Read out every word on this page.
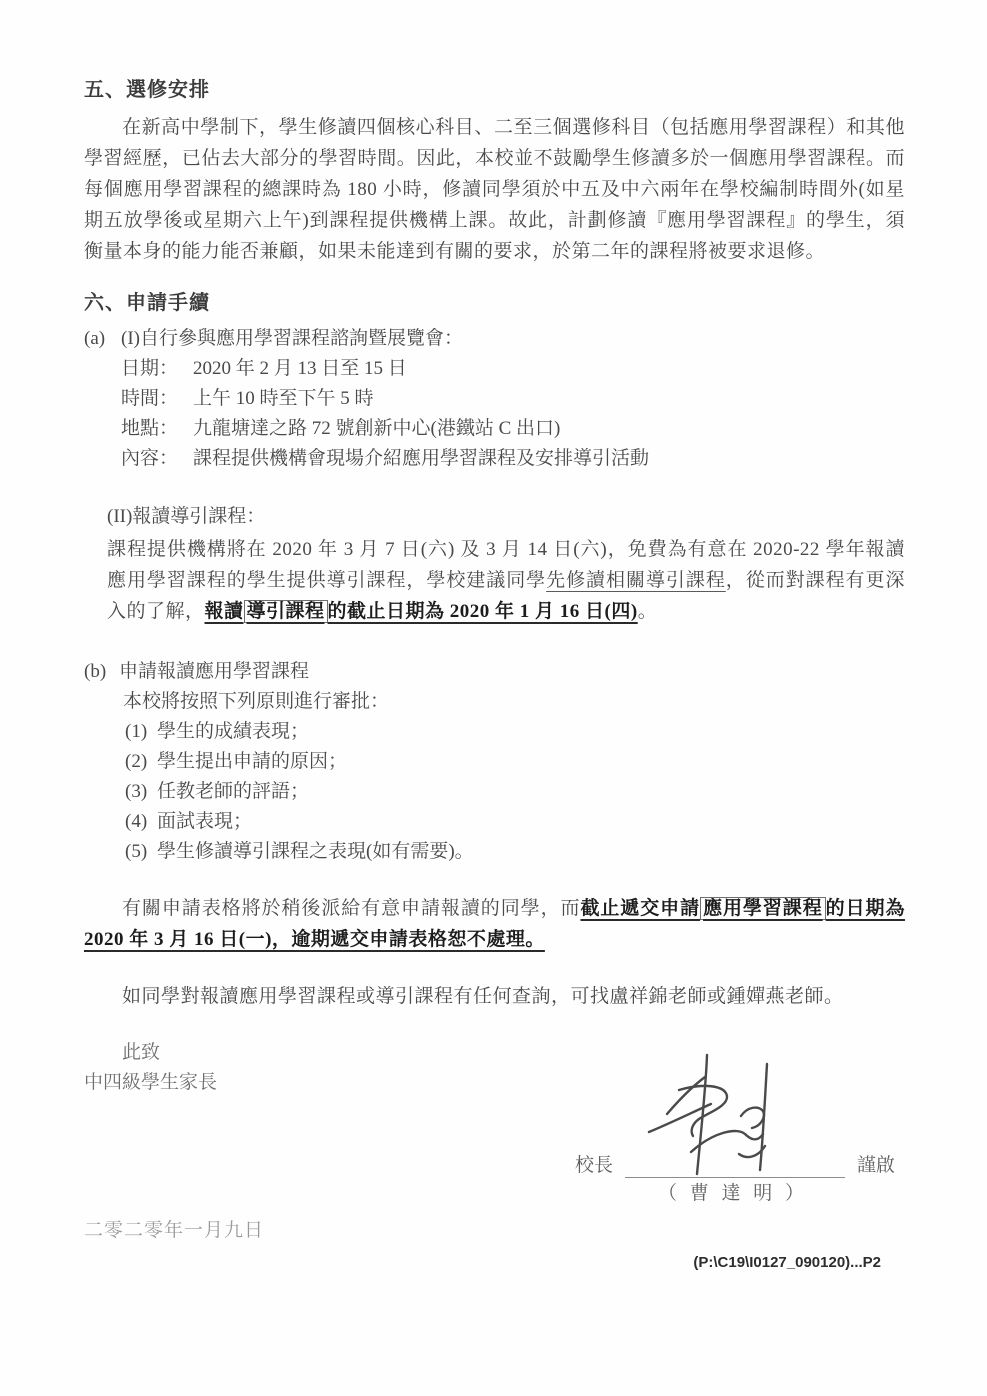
五、選修安排

在新高中學制下，學生修讀四個核心科目、二至三個選修科目（包括應用學習課程）和其他學習經歷，已佔去大部分的學習時間。因此，本校並不鼓勵學生修讀多於一個應用學習課程。而每個應用學習課程的總課時為 180 小時，修讀同學須於中五及中六兩年在學校編制時間外(如星期五放學後或星期六上午)到課程提供機構上課。故此，計劃修讀『應用學習課程』的學生，須衡量本身的能力能否兼顧，如果未能達到有關的要求，於第二年的課程將被要求退修。

六、申請手續
(a) (I)自行參與應用學習課程諮詢暨展覽會：

日期： 2020 年 2 月 13 日至 15 日
時間： 上午 10 時至下午 5 時
地點： 九龍塘達之路 72 號創新中心(港鐵站 C 出口)
內容： 課程提供機構會現場介紹應用學習課程及安排導引活動

(II)報讀導引課程：

課程提供機構將在 2020 年 3 月 7 日(六) 及 3 月 14 日(六)，免費為有意在 2020-22 學年報讀應用學習課程的學生提供導引課程，學校建議同學先修讀相關導引課程，從而對課程有更深入的了解，報讀 導引課程 的截止日期為 2020 年 1 月 16 日(四)。

(b) 申請報讀應用學習課程

本校將按照下列原則進行審批：

(1) 學生的成績表現；
(2) 學生提出申請的原因；
(3) 任教老師的評語；
(4) 面試表現；
(5) 學生修讀導引課程之表現(如有需要)。

有關申請表格將於稍後派給有意申請報讀的同學，而截止遞交申請 應用學習課程 的日期為 2020 年 3 月 16 日(一)，逾期遞交申請表格恕不處理。

如同學對報讀應用學習課程或導引課程有任何查詢，可找盧祥錦老師或鍾嬋燕老師。

此致

中四級學生家長

校長	謹啟
（ 曹 達 明 ）

二零二零年一月九日

(P:\C19\I0127_090120)...P2
